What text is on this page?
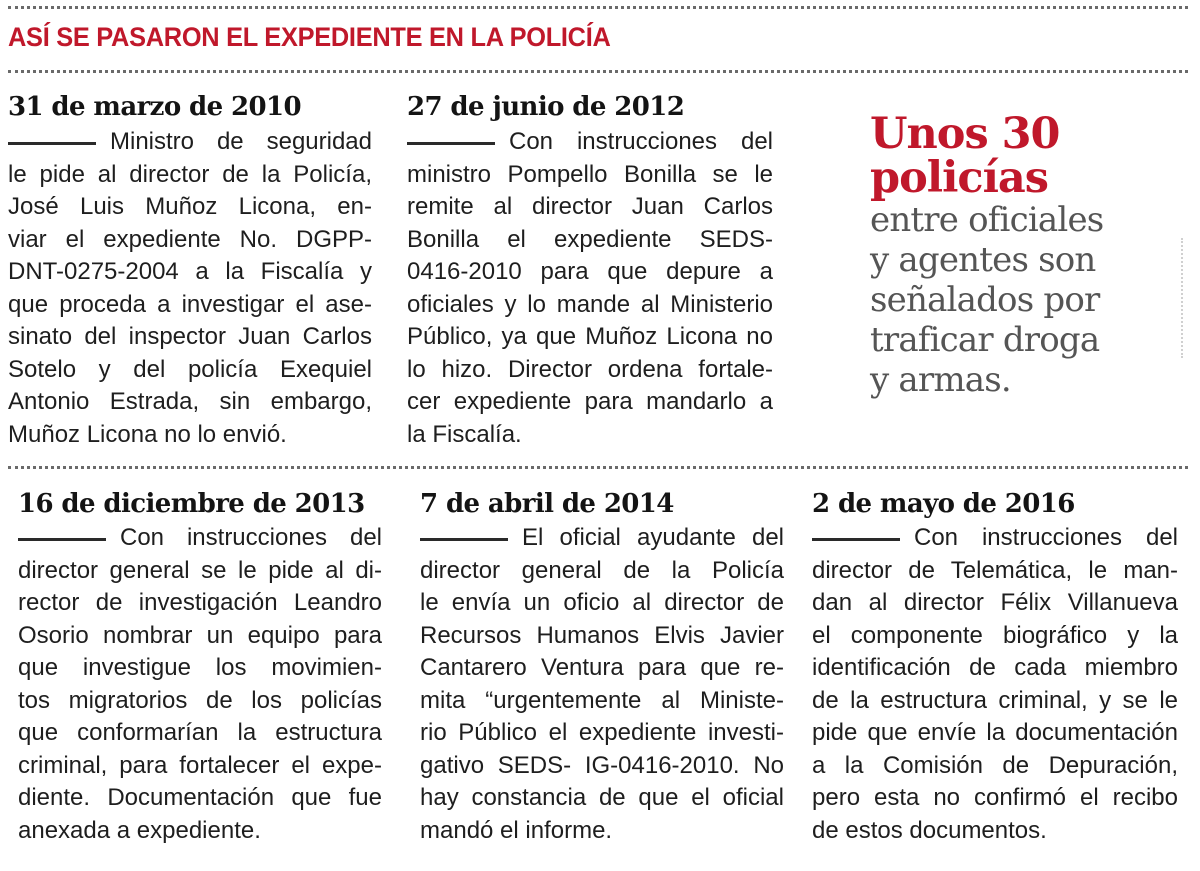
ASÍ SE PASARON EL EXPEDIENTE EN LA POLICÍA
31 de marzo de 2010

Ministro de seguridad
le pide al director de la Policía,
José Luis Muñoz Licona, en-
viar el expediente No. DGPP-
DNT-0275-2004 a la Fiscalía y
que proceda a investigar el ase-
sinato del inspector Juan Carlos
Sotelo y del policía Exequiel
Antonio Estrada, sin embargo,
Muñoz Licona no lo envió.

27 de junio de 2012

Con instrucciones del
ministro Pompello Bonilla se le
remite al director Juan Carlos
Bonilla el expediente SEDS-
0416-2010 para que depure a
oficiales y lo mande al Ministerio
Público, ya que Muñoz Licona no
lo hizo. Director ordena fortale-
cer expediente para mandarlo a
la Fiscalía.

Unos 30
policías

entre oficiales
y agentes son
señalados por
traficar droga
y armas.

16 de diciembre de 2013

Con instrucciones del
director general se le pide al di-
rector de investigación Leandro
Osorio nombrar un equipo para
que investigue los movimien-
tos migratorios de los policías
que conformarían la estructura
criminal, para fortalecer el expe-
diente. Documentación que fue
anexada a expediente.

7 de abril de 2014

El oficial ayudante del
director general de la Policía
le envía un oficio al director de
Recursos Humanos Elvis Javier
Cantarero Ventura para que re-
mita “urgentemente al Ministe-
rio Público el expediente investi-
gativo SEDS- IG-0416-2010. No
hay constancia de que el oficial
mandó el informe.

2 de mayo de 2016

Con instrucciones del
director de Telemática, le man-
dan al director Félix Villanueva
el componente biográfico y la
identificación de cada miembro
de la estructura criminal, y se le
pide que envíe la documentación
a la Comisión de Depuración,
pero esta no confirmó el recibo
de estos documentos.
